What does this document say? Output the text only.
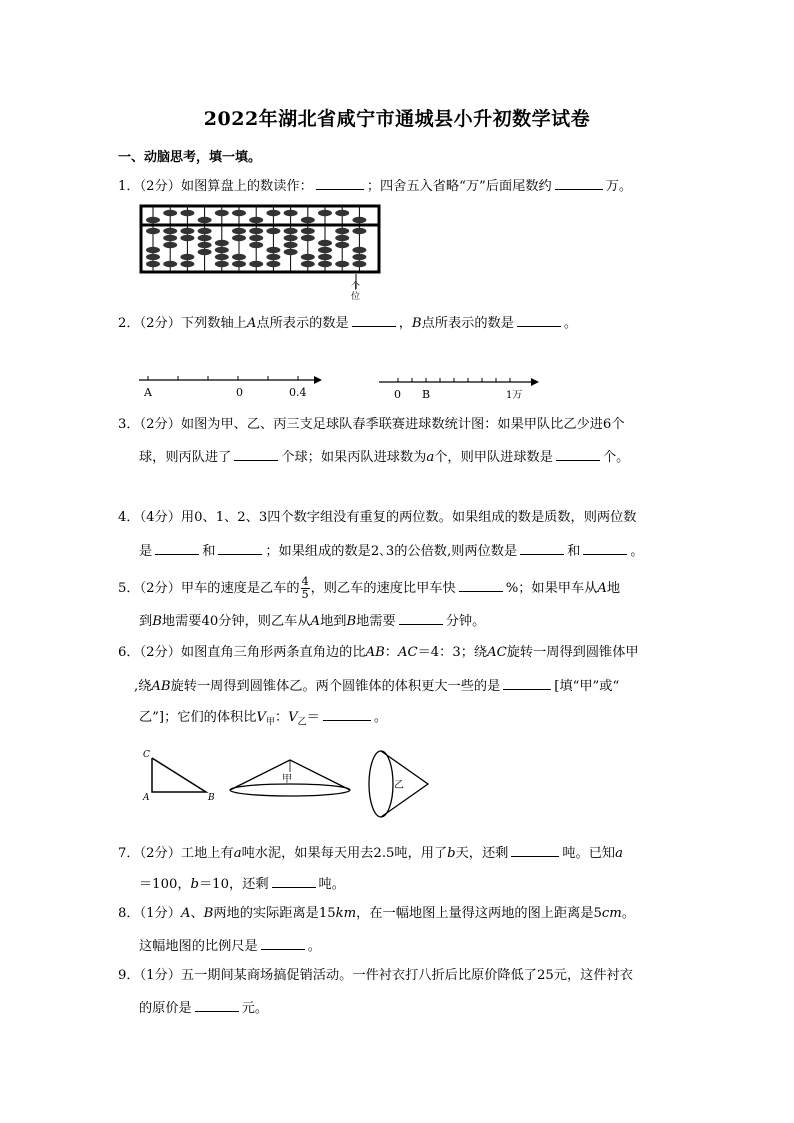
2022年湖北省咸宁市通城县小升初数学试卷
一、动脑思考，填一填。
1．（2分）如图算盘上的数读作：	；四舍五入省略“万”后面尾数约	万。
个
位
2．（2分）下列数轴上A点所表示的数是	，B点所表示的数是	。
A	0	0.4	0 B	1万
3．（2分）如图为甲、乙、丙三支足球队春季联赛进球数统计图：如果甲队比乙少进6个
球，则丙队进了	个球；如果丙队进球数为a个，则甲队进球数是	个。
4．（4分）用0、1、2、3四个数字组没有重复的两位数。如果组成的数是质数，则两位数
是	和	；如果组成的数是2､3的公倍数,则两位数是	和	。
5．（2分）甲车的速度是乙车的 $\frac{4}{5}$ ，则乙车的速度比甲车快	%；如果甲车从A地
到B地需要40分钟，则乙车从A地到B地需要	分钟。
6．（2分）如图直角三角形两条直角边的比AB：AC＝4：3；绕AC旋转一周得到圆锥体甲
,绕AB旋转一周得到圆锥体乙。两个圆锥体的体积更大一些的是	[填“甲”或“
乙”]；它们的体积比$V_甲$：$V_乙=$	。
C
A	B
甲
乙
7．（2分）工地上有a吨水泥，如果每天用去2.5吨，用了b天，还剩	吨。已知a
＝100，b＝10，还剩	吨。
8．（1分）A、B两地的实际距离是15km，在一幅地图上量得这两地的图上距离是5cm。
这幅地图的比例尺是	。
9．（1分）五一期间某商场搞促销活动。一件衬衣打八折后比原价降低了25元，这件衬衣
的原价是	元。
